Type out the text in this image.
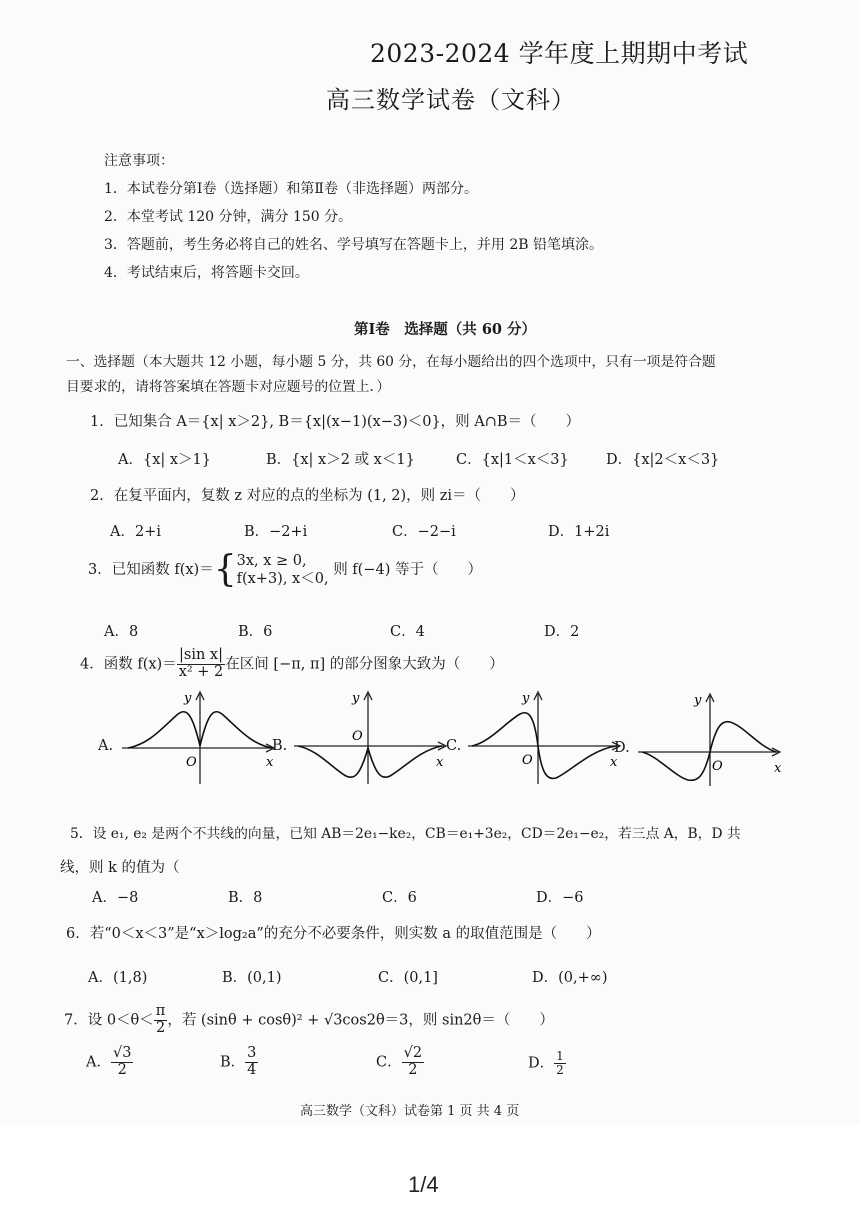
2023-2024 学年度上期期中考试
高三数学试卷（文科）
注意事项：
1．本试卷分第Ⅰ卷（选择题）和第Ⅱ卷（非选择题）两部分。
2．本堂考试 120 分钟，满分 150 分。
3．答题前，考生务必将自己的姓名、学号填写在答题卡上，并用 2B 铅笔填涂。
4．考试结束后，将答题卡交回。
第Ⅰ卷　选择题（共 60 分）
一、选择题（本大题共 12 小题，每小题 5 分，共 60 分，在每小题给出的四个选项中，只有一项是符合题
目要求的，请将答案填在答题卡对应题号的位置上．）
1．已知集合 A＝{x| x＞2}, B＝{x|(x−1)(x−3)＜0}，则 A∩B＝（　　）
A．{x| x＞1}	B．{x| x＞2 或 x＜1}	C．{x|1＜x＜3}	D．{x|2＜x＜3}
2．在复平面内，复数 z 对应的点的坐标为 (1, 2)，则 zi＝（　　）
A．2+i	B．−2+i	C．−2−i	D．1+2i
3．已知函数 f(x)＝{3x, x ≥ 0,
f(x+3), x＜0, 则 f(−4) 等于（　　）
A．8	B．6	C．4	D．2
4．函数 $f(x)= \frac{\text{|sin x|}}{\text{x² + 2}}$ 在区间 [−π, π] 的部分图象大致为（　　）
A.
y
O	x
B.
y
O
x
C.
y
O	x
D.
y
O	x
5．设 e₁, e₂ 是两个不共线的向量，已知 AB＝2e₁−ke₂，CB＝e₁+3e₂，CD＝2e₁−e₂，若三点 A，B，D 共
线，则 k 的值为（
A．−8	B．8	C．6	D．−6
6．若“0＜x＜3”是“x＞log₂a”的充分不必要条件，则实数 a 的取值范围是（　　）
A．(1,8)	B．(0,1)	C．(0,1]	D．(0,+∞)
7．设 $0<\theta< \frac{\pi}{2}$ ，若 (sinθ + cosθ)² + √3cos2θ＝3，则 sin2θ＝（　　）
A． $\frac{√3}{2}$	B． $\frac{3}{4}$	C． $\frac{√2}{2}$	D． $\frac{1}{2}$
高三数学（文科）试卷第 1 页 共 4 页
1/4
